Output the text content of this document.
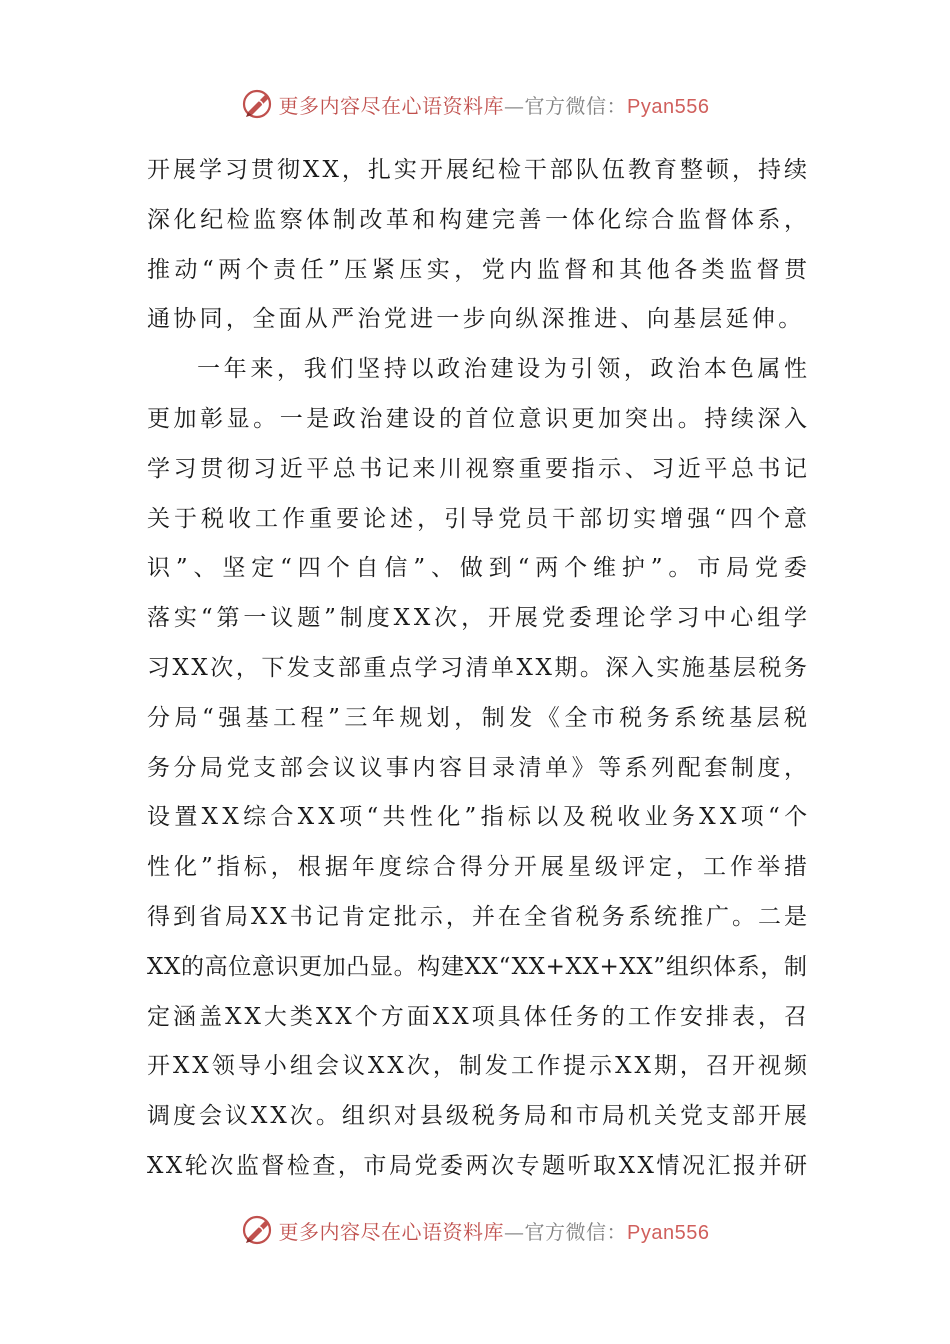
更多内容尽在心语资料库—官方微信：Pyan556
开展学习贯彻XX，扎实开展纪检干部队伍教育整顿，持续
深化纪检监察体制改革和构建完善一体化综合监督体系，
推动“两个责任”压紧压实，党内监督和其他各类监督贯
通协同，全面从严治党进一步向纵深推进、向基层延伸。
一年来，我们坚持以政治建设为引领，政治本色属性
更加彰显。一是政治建设的首位意识更加突出。持续深入
学习贯彻习近平总书记来川视察重要指示、习近平总书记
关于税收工作重要论述，引导党员干部切实增强“四个意
识”、坚定“四个自信”、做到“两个维护”。市局党委
落实“第一议题”制度XX次，开展党委理论学习中心组学
习XX次，下发支部重点学习清单XX期。深入实施基层税务
分局“强基工程”三年规划，制发《全市税务系统基层税
务分局党支部会议议事内容目录清单》等系列配套制度，
设置XX综合XX项“共性化”指标以及税收业务XX项“个
性化”指标，根据年度综合得分开展星级评定，工作举措
得到省局XX书记肯定批示，并在全省税务系统推广。二是
XX的高位意识更加凸显。构建XX“XX+XX+XX”组织体系，制
定涵盖XX大类XX个方面XX项具体任务的工作安排表，召
开XX领导小组会议XX次，制发工作提示XX期，召开视频
调度会议XX次。组织对县级税务局和市局机关党支部开展
XX轮次监督检查，市局党委两次专题听取XX情况汇报并研
更多内容尽在心语资料库—官方微信：Pyan556
